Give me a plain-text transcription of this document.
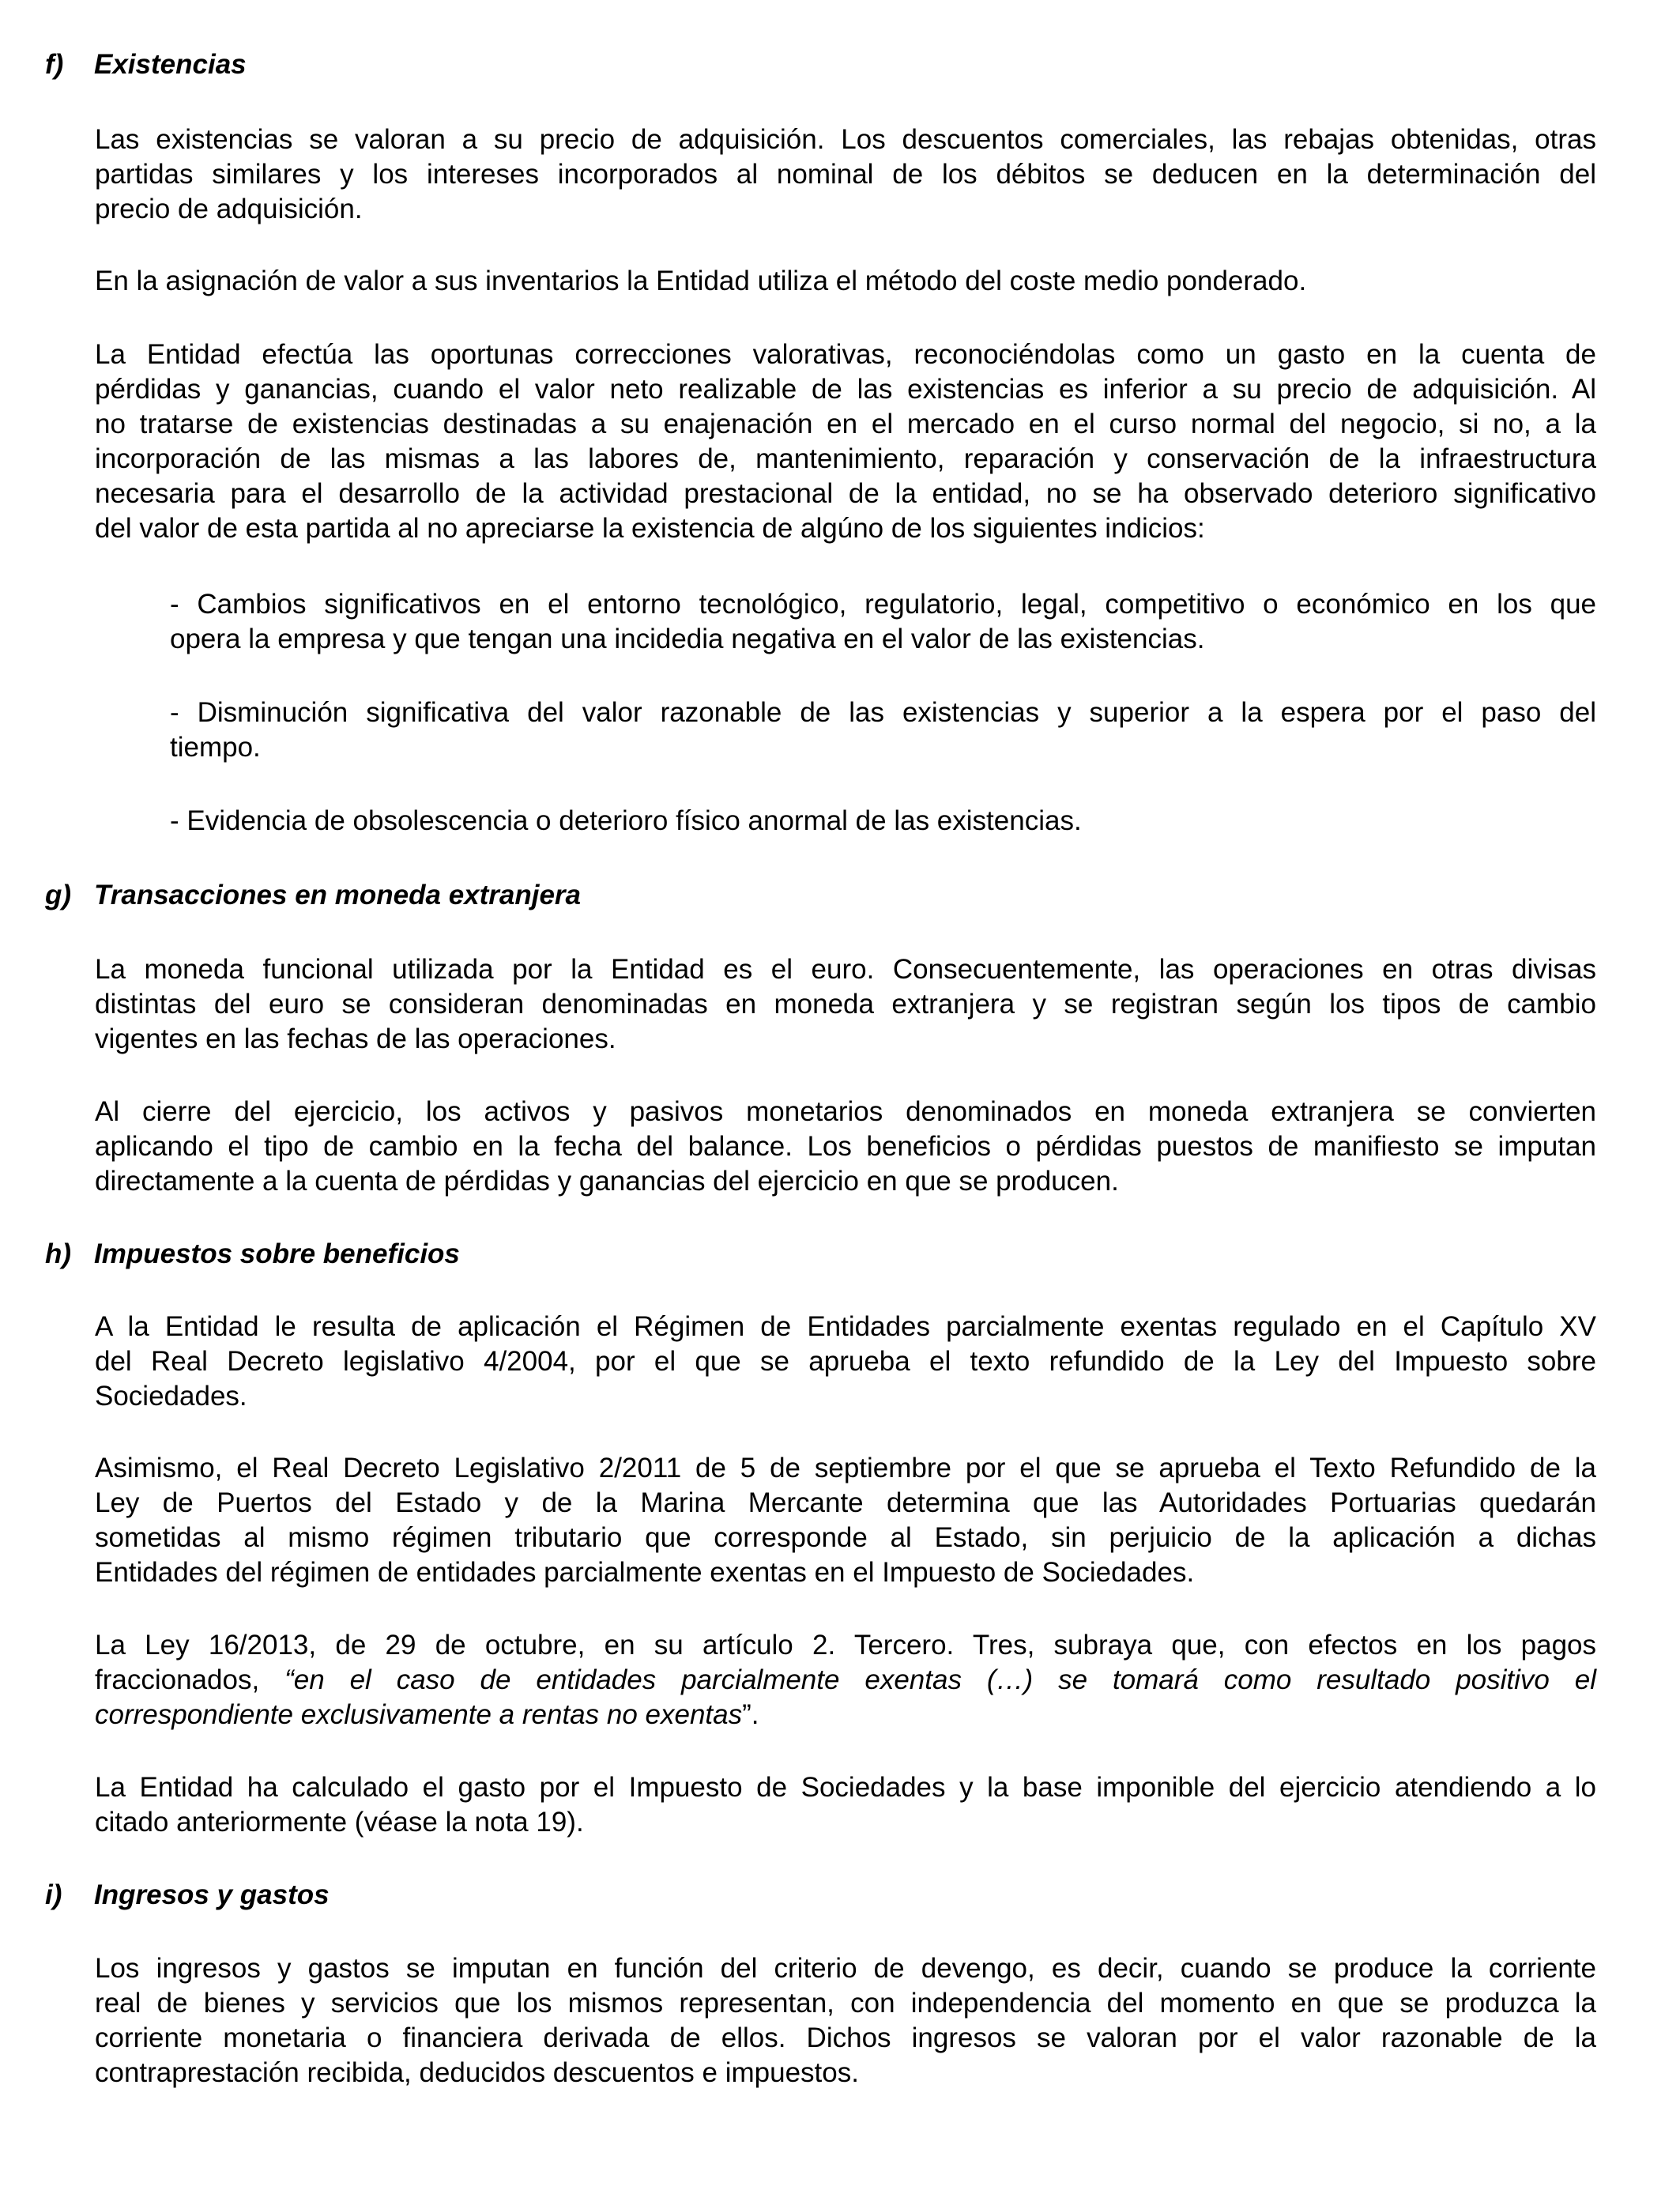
f) Existencias
Las existencias se valoran a su precio de adquisición. Los descuentos comerciales, las rebajas obtenidas, otras
partidas similares y los intereses incorporados al nominal de los débitos se deducen en la determinación del
precio de adquisición.
En la asignación de valor a sus inventarios la Entidad utiliza el método del coste medio ponderado.
La Entidad efectúa las oportunas correcciones valorativas, reconociéndolas como un gasto en la cuenta de
pérdidas y ganancias, cuando el valor neto realizable de las existencias es inferior a su precio de adquisición. Al
no tratarse de existencias destinadas a su enajenación en el mercado en el curso normal del negocio, si no, a la
incorporación de las mismas a las labores de, mantenimiento, reparación y conservación de la infraestructura
necesaria para el desarrollo de la actividad prestacional de la entidad, no se ha observado deterioro significativo
del valor de esta partida al no apreciarse la existencia de algúno de los siguientes indicios:
- Cambios significativos en el entorno tecnológico, regulatorio, legal, competitivo o económico en los que
opera la empresa y que tengan una incidedia negativa en el valor de las existencias.
- Disminución significativa del valor razonable de las existencias y superior a la espera por el paso del
tiempo.
- Evidencia de obsolescencia o deterioro físico anormal de las existencias.
g) Transacciones en moneda extranjera
La moneda funcional utilizada por la Entidad es el euro. Consecuentemente, las operaciones en otras divisas
distintas del euro se consideran denominadas en moneda extranjera y se registran según los tipos de cambio
vigentes en las fechas de las operaciones.
Al cierre del ejercicio, los activos y pasivos monetarios denominados en moneda extranjera se convierten
aplicando el tipo de cambio en la fecha del balance. Los beneficios o pérdidas puestos de manifiesto se imputan
directamente a la cuenta de pérdidas y ganancias del ejercicio en que se producen.
h) Impuestos sobre beneficios
A la Entidad le resulta de aplicación el Régimen de Entidades parcialmente exentas regulado en el Capítulo XV
del Real Decreto legislativo 4/2004, por el que se aprueba el texto refundido de la Ley del Impuesto sobre
Sociedades.
Asimismo, el Real Decreto Legislativo 2/2011 de 5 de septiembre por el que se aprueba el Texto Refundido de la
Ley de Puertos del Estado y de la Marina Mercante determina que las Autoridades Portuarias quedarán
sometidas al mismo régimen tributario que corresponde al Estado, sin perjuicio de la aplicación a dichas
Entidades del régimen de entidades parcialmente exentas en el Impuesto de Sociedades.
La Ley 16/2013, de 29 de octubre, en su artículo 2. Tercero. Tres, subraya que, con efectos en los pagos
fraccionados, “en el caso de entidades parcialmente exentas (…) se tomará como resultado positivo el
correspondiente exclusivamente a rentas no exentas”.
La Entidad ha calculado el gasto por el Impuesto de Sociedades y la base imponible del ejercicio atendiendo a lo
citado anteriormente (véase la nota 19).
i) Ingresos y gastos
Los ingresos y gastos se imputan en función del criterio de devengo, es decir, cuando se produce la corriente
real de bienes y servicios que los mismos representan, con independencia del momento en que se produzca la
corriente monetaria o financiera derivada de ellos. Dichos ingresos se valoran por el valor razonable de la
contraprestación recibida, deducidos descuentos e impuestos.
